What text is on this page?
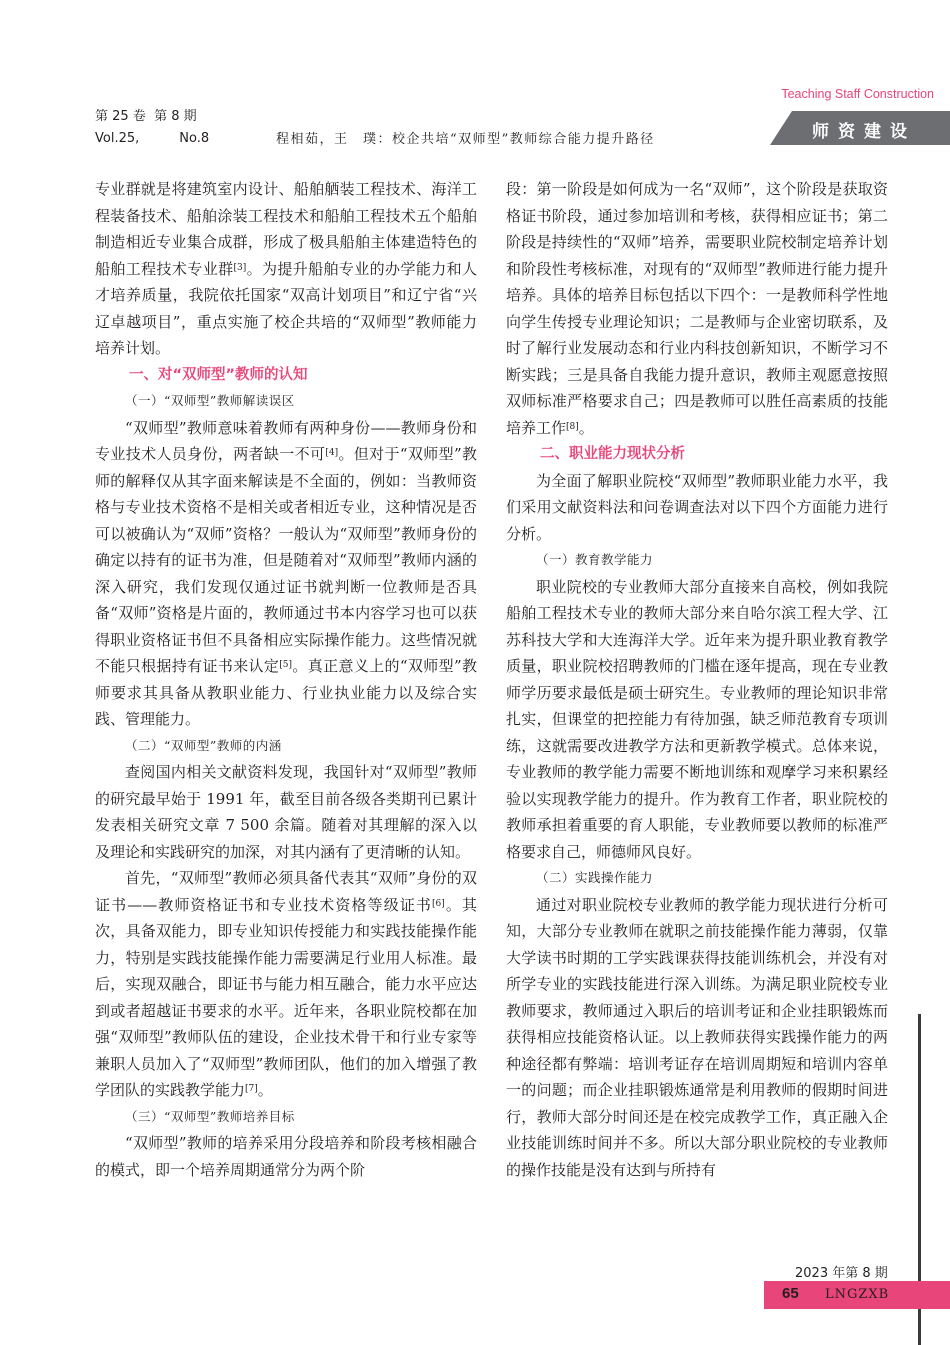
第 25 卷 第 8 期
Vol.25,	No.8	程相茹，王　璞：校企共培“双师型”教师综合能力提升路径
Teaching Staff Construction
师资建设

专业群就是将建筑室内设计、船舶舾装工程技术、海洋工程装备技术、船舶涂装工程技术和船舶工程技术五个船舶制造相近专业集合成群，形成了极具船舶主体建造特色的船舶工程技术专业群[3]。为提升船舶专业的办学能力和人才培养质量，我院依托国家“双高计划项目”和辽宁省“兴辽卓越项目”，重点实施了校企共培的“双师型”教师能力培养计划。

一、对“双师型”教师的认知

（一）“双师型”教师解读误区

“双师型”教师意味着教师有两种身份——教师身份和专业技术人员身份，两者缺一不可[4]。但对于“双师型”教师的解释仅从其字面来解读是不全面的，例如：当教师资格与专业技术资格不是相关或者相近专业，这种情况是否可以被确认为“双师”资格？一般认为“双师型”教师身份的确定以持有的证书为准，但是随着对“双师型”教师内涵的深入研究，我们发现仅通过证书就判断一位教师是否具备“双师”资格是片面的，教师通过书本内容学习也可以获得职业资格证书但不具备相应实际操作能力。这些情况就不能只根据持有证书来认定[5]。真正意义上的“双师型”教师要求其具备从教职业能力、行业执业能力以及综合实践、管理能力。

（二）“双师型”教师的内涵

查阅国内相关文献资料发现，我国针对“双师型”教师的研究最早始于 1991 年，截至目前各级各类期刊已累计发表相关研究文章 7 500 余篇。随着对其理解的深入以及理论和实践研究的加深，对其内涵有了更清晰的认知。

首先，“双师型”教师必须具备代表其“双师”身份的双证书——教师资格证书和专业技术资格等级证书[6]。其次，具备双能力，即专业知识传授能力和实践技能操作能力，特别是实践技能操作能力需要满足行业用人标准。最后，实现双融合，即证书与能力相互融合，能力水平应达到或者超越证书要求的水平。近年来，各职业院校都在加强“双师型”教师队伍的建设，企业技术骨干和行业专家等兼职人员加入了“双师型”教师团队，他们的加入增强了教学团队的实践教学能力[7]。

（三）“双师型”教师培养目标

“双师型”教师的培养采用分段培养和阶段考核相融合的模式，即一个培养周期通常分为两个阶

段：第一阶段是如何成为一名“双师”，这个阶段是获取资格证书阶段，通过参加培训和考核，获得相应证书；第二阶段是持续性的“双师”培养，需要职业院校制定培养计划和阶段性考核标准，对现有的“双师型”教师进行能力提升培养。具体的培养目标包括以下四个：一是教师科学性地向学生传授专业理论知识；二是教师与企业密切联系，及时了解行业发展动态和行业内科技创新知识，不断学习不断实践；三是具备自我能力提升意识，教师主观愿意按照双师标准严格要求自己；四是教师可以胜任高素质的技能培养工作[8]。

二、职业能力现状分析

为全面了解职业院校“双师型”教师职业能力水平，我们采用文献资料法和问卷调查法对以下四个方面能力进行分析。

（一）教育教学能力

职业院校的专业教师大部分直接来自高校，例如我院船舶工程技术专业的教师大部分来自哈尔滨工程大学、江苏科技大学和大连海洋大学。近年来为提升职业教育教学质量，职业院校招聘教师的门槛在逐年提高，现在专业教师学历要求最低是硕士研究生。专业教师的理论知识非常扎实，但课堂的把控能力有待加强，缺乏师范教育专项训练，这就需要改进教学方法和更新教学模式。总体来说，专业教师的教学能力需要不断地训练和观摩学习来积累经验以实现教学能力的提升。作为教育工作者，职业院校的教师承担着重要的育人职能，专业教师要以教师的标准严格要求自己，师德师风良好。

（二）实践操作能力

通过对职业院校专业教师的教学能力现状进行分析可知，大部分专业教师在就职之前技能操作能力薄弱，仅靠大学读书时期的工学实践课获得技能训练机会，并没有对所学专业的实践技能进行深入训练。为满足职业院校专业教师要求，教师通过入职后的培训考证和企业挂职锻炼而获得相应技能资格认证。以上教师获得实践操作能力的两种途径都有弊端：培训考证存在培训周期短和培训内容单一的问题；而企业挂职锻炼通常是利用教师的假期时间进行，教师大部分时间还是在校完成教学工作，真正融入企业技能训练时间并不多。所以大部分职业院校的专业教师的操作技能是没有达到与所持有

2023 年第 8 期
65 LNGZXB
